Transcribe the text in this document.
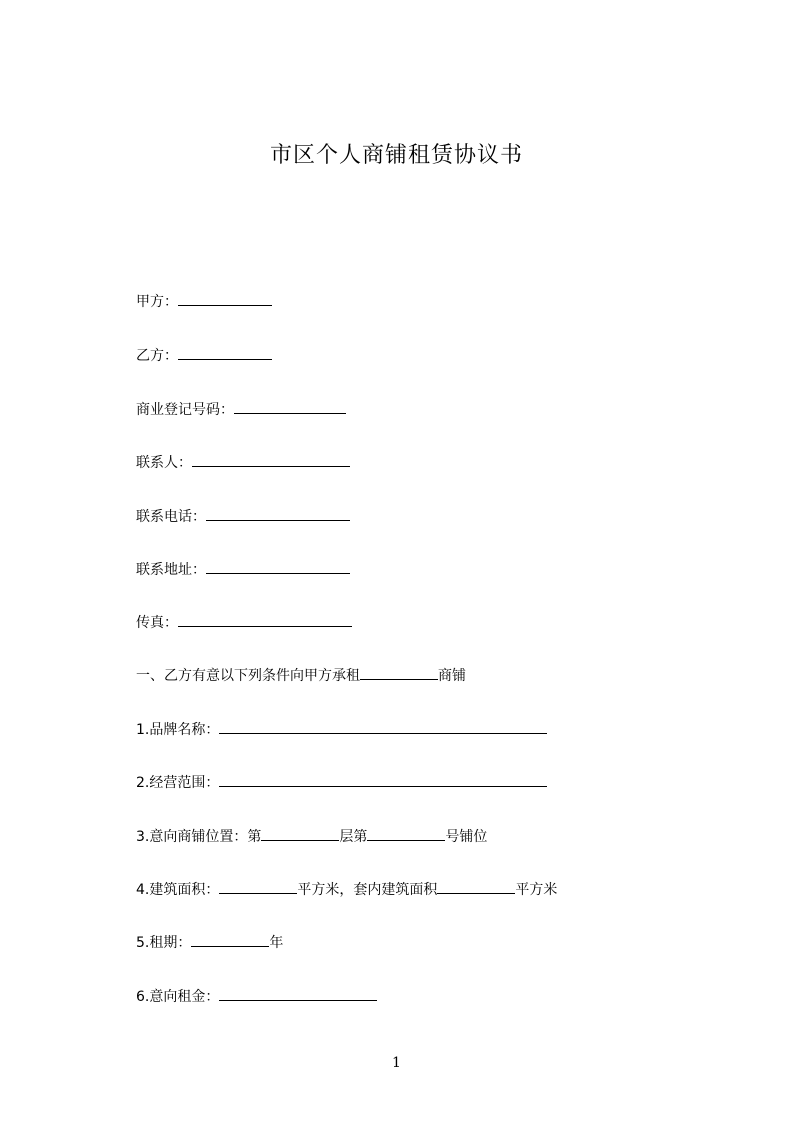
市区个人商铺租赁协议书
甲方：
乙方：
商业登记号码：
联系人：
联系电话：
联系地址：
传真：
一、乙方有意以下列条件向甲方承租	商铺
1.品牌名称：
2.经营范围：
3.意向商铺位置：第	层第	号铺位
4.建筑面积：	平方米，套内建筑面积	平方米
5.租期：	年
6.意向租金：
1
